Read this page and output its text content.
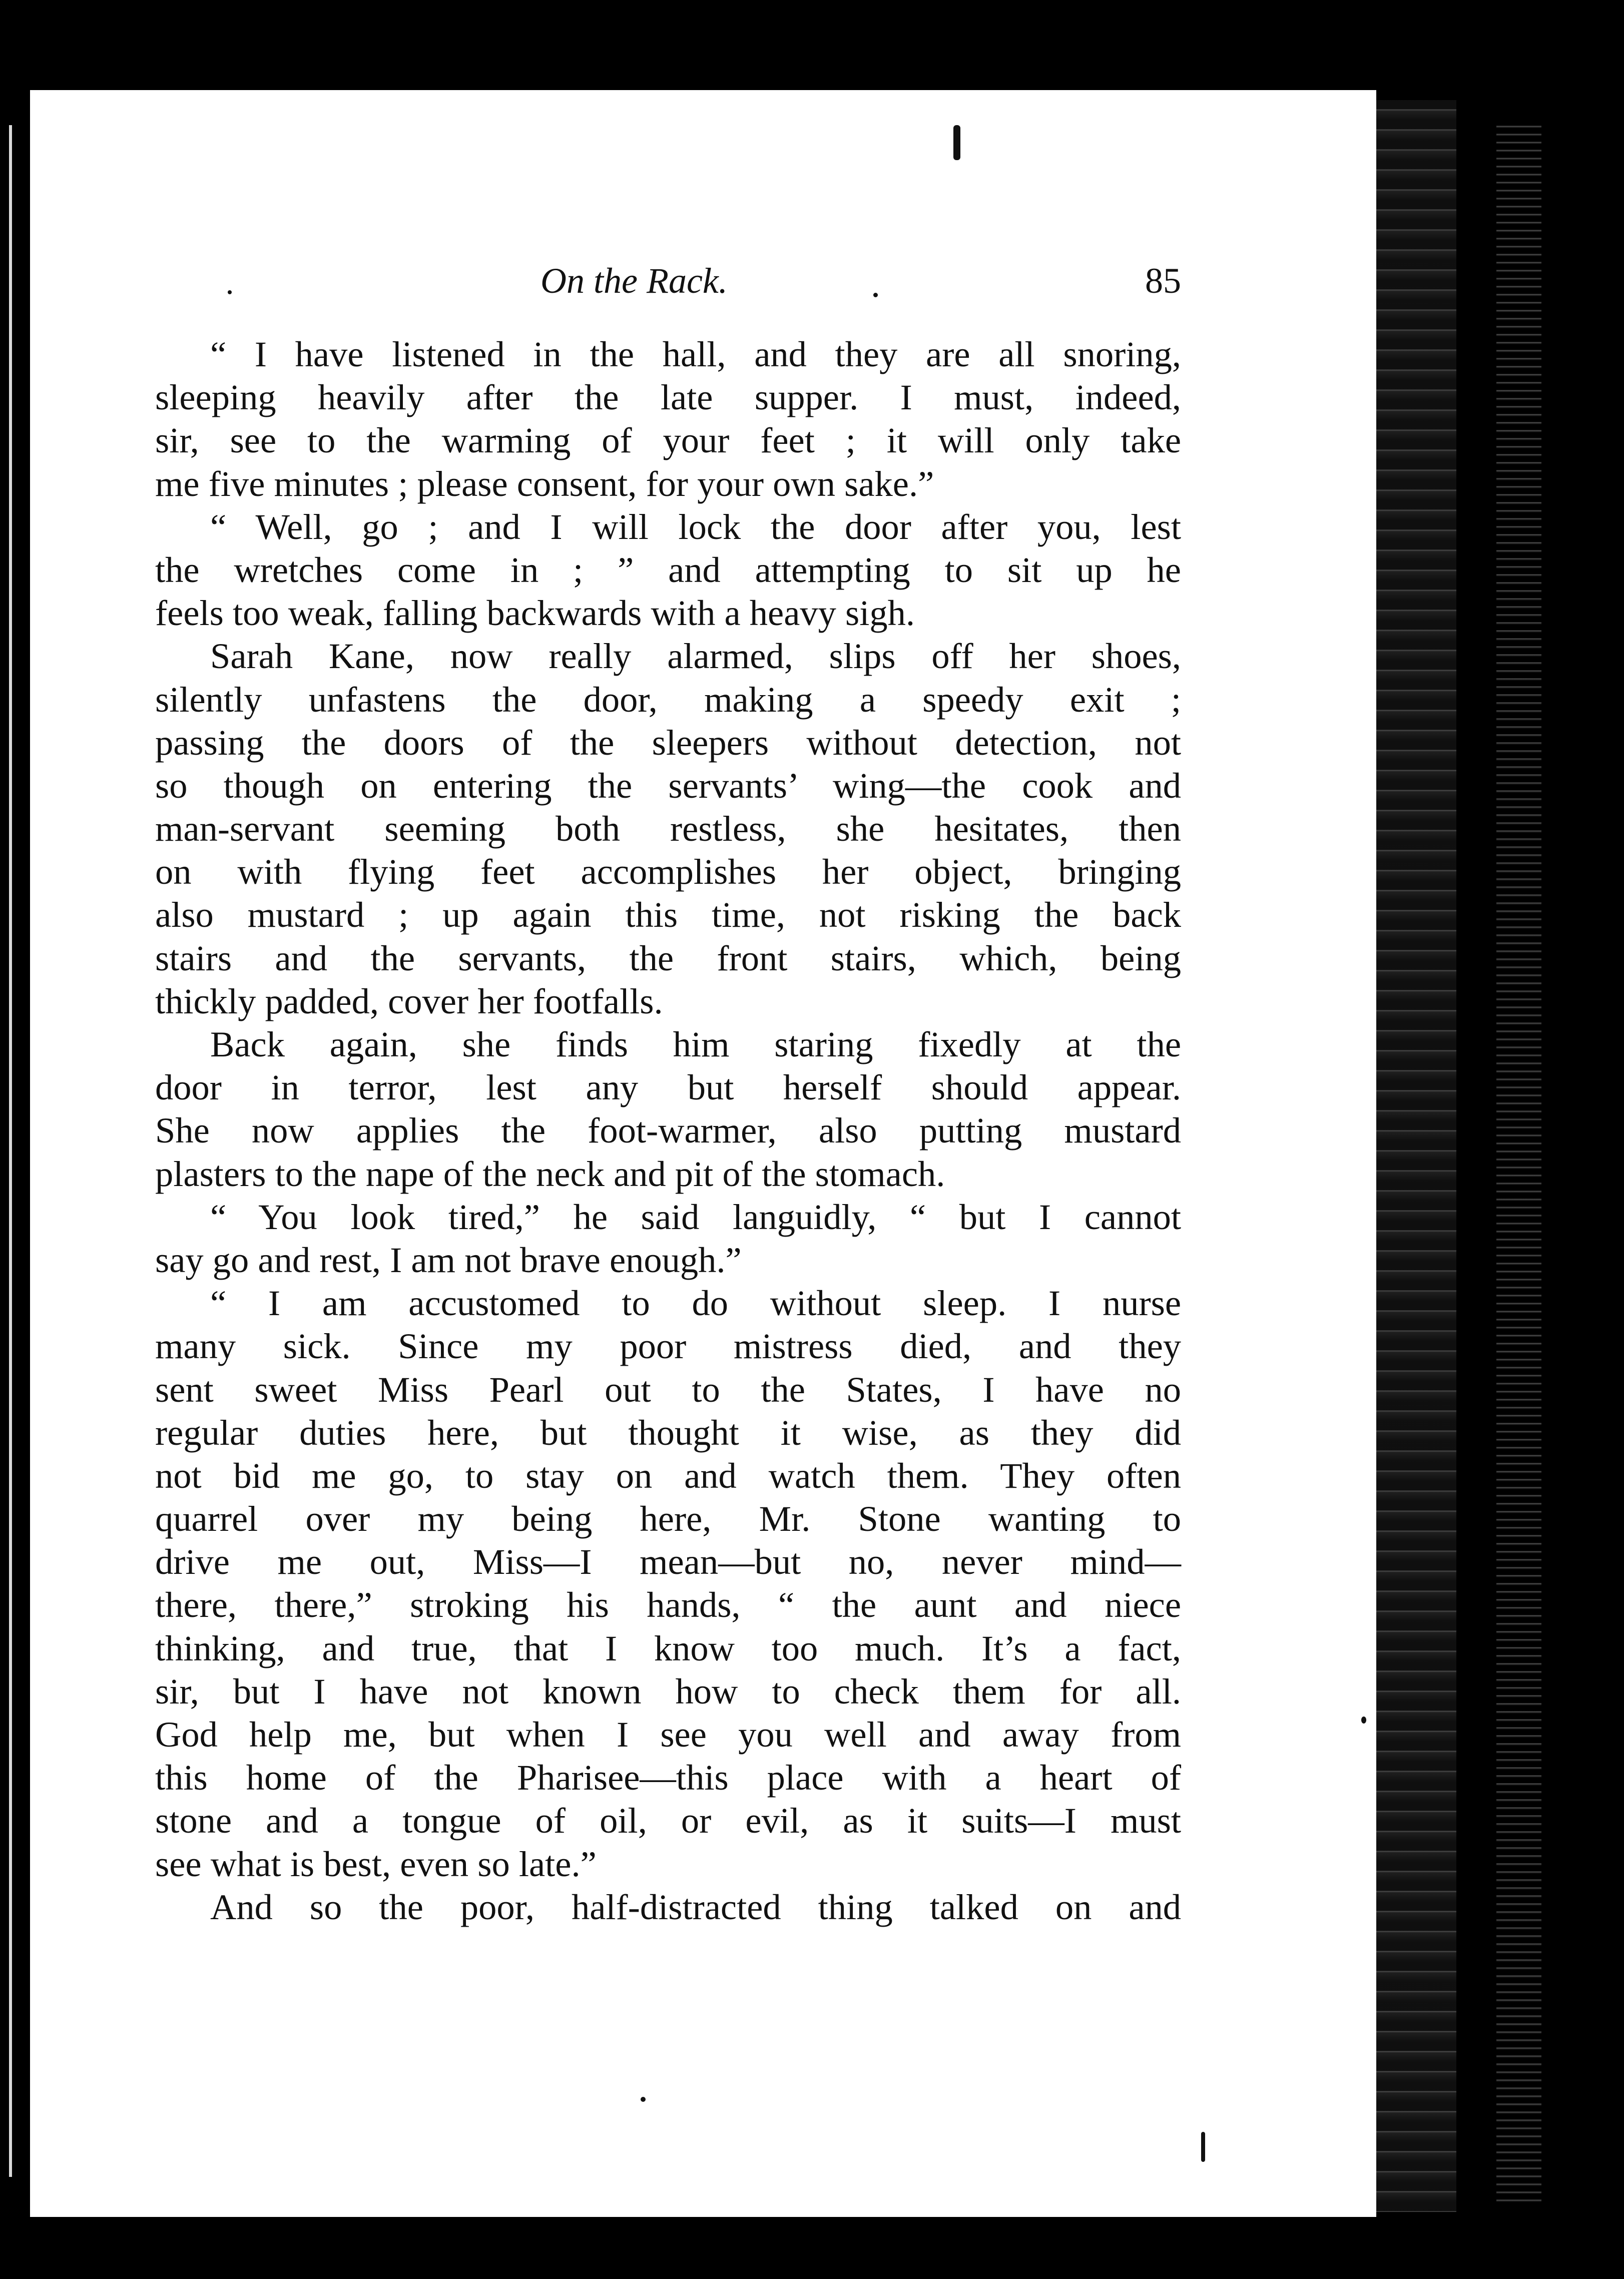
On the Rack.	85
“ I have listened in the hall, and they are all snoring,
sleeping heavily after the late supper. I must, indeed,
sir, see to the warming of your feet ; it will only take
me five minutes ; please consent, for your own sake.”
“ Well, go ; and I will lock the door after you, lest
the wretches come in ; ” and attempting to sit up he
feels too weak, falling backwards with a heavy sigh.
Sarah Kane, now really alarmed, slips off her shoes,
silently unfastens the door, making a speedy exit ;
passing the doors of the sleepers without detection, not
so though on entering the servants’ wing—the cook and
man-servant seeming both restless, she hesitates, then
on with flying feet accomplishes her object, bringing
also mustard ; up again this time, not risking the back
stairs and the servants, the front stairs, which, being
thickly padded, cover her footfalls.
Back again, she finds him staring fixedly at the
door in terror, lest any but herself should appear.
She now applies the foot-warmer, also putting mustard
plasters to the nape of the neck and pit of the stomach.
“ You look tired,” he said languidly, “ but I cannot
say go and rest, I am not brave enough.”
“ I am accustomed to do without sleep. I nurse
many sick. Since my poor mistress died, and they
sent sweet Miss Pearl out to the States, I have no
regular duties here, but thought it wise, as they did
not bid me go, to stay on and watch them. They often
quarrel over my being here, Mr. Stone wanting to
drive me out, Miss—I mean—but no, never mind—
there, there,” stroking his hands, “ the aunt and niece
thinking, and true, that I know too much. It’s a fact,
sir, but I have not known how to check them for all.
God help me, but when I see you well and away from
this home of the Pharisee—this place with a heart of
stone and a tongue of oil, or evil, as it suits—I must
see what is best, even so late.”
And so the poor, half-distracted thing talked on and
